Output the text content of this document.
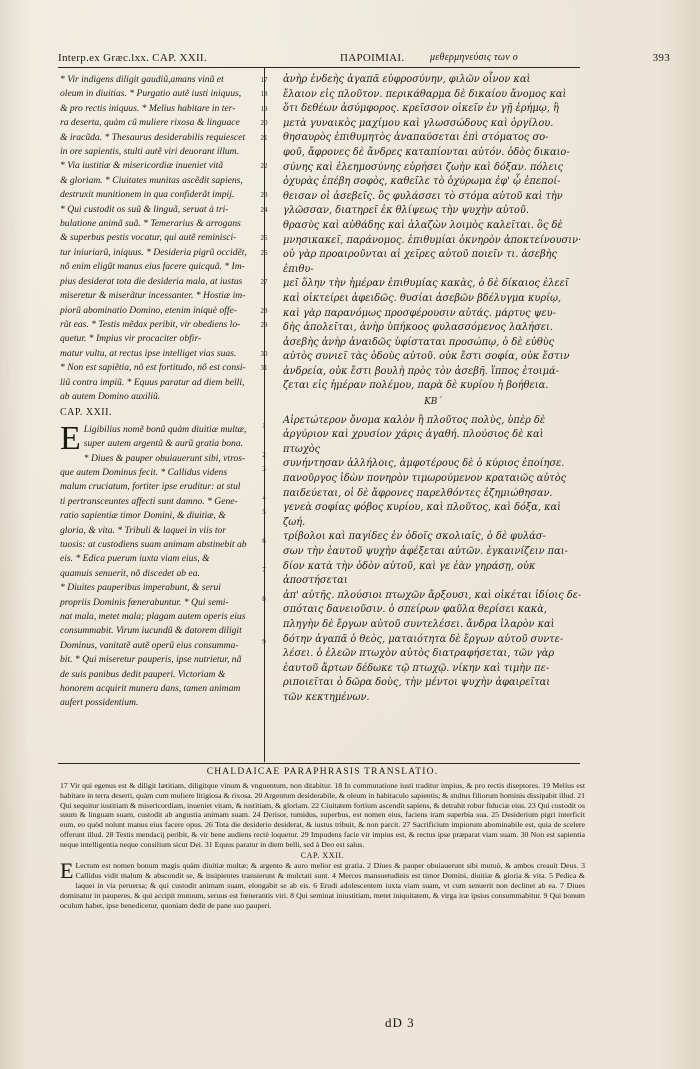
Interp.ex Græc.lxx. CAP. XXII.	ΠΑΡΟΙΜΙΑΙ.	μεθερμηνεύσις των ο	393

* Vir indigens diligit gaudiũ,amans vinũ et

oleum in diuitias. * Purgatio autẽ iusti iniquus,

& pro rectis iniquus. * Melius habitare in ter-

ra deserta, quàm cũ muliere rixosa & linguace

& iracũda. * Thesaurus desiderabilis requiescet

in ore sapientis, stulti autẽ viri deuorant illum.

* Via iustitiæ & misericordiæ inueniet vitã

& gloriam. * Ciuitates munitas ascẽdit sapiens,

destruxit munitionem in qua confiderãt impij.

* Qui custodit os suũ & linguã, seruat à tri-

bulatione animã suã. * Temerarius & arrogans

& superbus pestis vocatur, qui autẽ reminisci-

tur iniuriarũ, iniquus. * Desideria pigrũ occidẽt,

nõ enim eligũt manus eius facere quicquã. * Im-

pius desiderat tota die desideria mala, at iustus

miseretur & miserãtur incessanter. * Hostiæ im-

piorũ abominatio Domino, etenim iniquè offe-

rũt eas. * Testis mẽdax peribit, vir obediens lo-

quetur. * Impius vir procaciter obfir-

matur vultu, at rectus ipse intelliget vias suas.

* Non est sapiẽtia, nõ est fortitudo, nõ est consi-

liũ contra impiũ. * Equus paratur ad diem belli,

ab autem Domino auxiliũ.

CAP. XXII.

E Ligibilius nomẽ bonũ quàm diuitiæ multæ,

super autem argentũ & aurũ gratia bona.

* Diues & pauper obuiauerunt sibi, vtros-

que autem Dominus fecit. * Callidus videns

malum cruciatum, fortiter ipse eruditur: at stul

ti pertransceuntes affecti sunt damno. * Gene-

ratio sapientiæ timor Domini, & diuitiæ, &

gloria, & vita. * Tribuli & laquei in viis tor

tuosis: at custodiens suam animam abstinebit ab

eis. * Edica puerum iuxta viam eius, &

quamuis senuerit, nõ discedet ab ea.

* Diuites pauperibus imperabunt, & serui

propriis Dominis fœnerabuntur. * Qui semi-

nat mala, metet mala; plagam autem operis eius

consummabit. Virum iucundũ & datorem diligit

Dominus, vanitatẽ autẽ operũ eius consumma-

bit. * Qui miseretur pauperis, ipse nutrietur, nã

de suis panibus dedit pauperi. Victoriam &

honorem acquirit munera dans, tamen animam

aufert possidentium.

17
18
19
20
21

22

23
24

25
26

27

28
29

30
31

1

2
3

4
5

6

7

8

9

ἀνὴρ ἐνδεὴς ἀγαπᾶ εὐφροσύνην, φιλῶν οἶνον καὶ

ἔλαιον εἰς πλοῦτον. περικάθαρμα δὲ δικαίου ἄνομος καὶ

ὅτι δεθέων ἀσύμφορος. κρεῖσσον οἰκεῖν ἐν γῇ ἐρήμῳ, ἢ

μετὰ γυναικὸς μαχίμου καὶ γλωσσώδους καὶ ὀργίλου.

θησαυρὸς ἐπιθυμητὸς ἀναπαύσεται ἐπὶ στόματος σο-

φοῦ, ἄφρονες δὲ ἄνδρες καταπίονται αὐτόν. ὁδὸς δικαιο-

σύνης καὶ ἐλεημοσύνης εὑρήσει ζωὴν καὶ δόξαν. πόλεις

ὀχυρὰς ἐπέβη σοφὸς, καθεῖλε τὸ ὀχύρωμα ἐφ' ᾧ ἐπεποί-

θεισαν οἱ ἀσεβεῖς. ὃς φυλάσσει τὸ στόμα αὐτοῦ καὶ τὴν

γλῶσσαν, διατηρεῖ ἐκ θλίψεως τὴν ψυχὴν αὐτοῦ.

θρασὺς καὶ αὐθάδης καὶ ἀλαζὼν λοιμὸς καλεῖται. ὃς δὲ

μνησικακεῖ, παράνομος. ἐπιθυμίαι ὀκνηρὸν ἀποκτείνουσιν·

οὐ γὰρ προαιροῦνται αἱ χεῖρες αὐτοῦ ποιεῖν τι. ἀσεβὴς ἐπιθυ-

μεῖ ὅλην τὴν ἡμέραν ἐπιθυμίας κακὰς, ὁ δὲ δίκαιος ἐλεεῖ

καὶ οἰκτείρει ἀφειδῶς. θυσίαι ἀσεβῶν βδέλυγμα κυρίῳ,

καὶ γὰρ παρανόμως προσφέρουσιν αὐτάς. μάρτυς ψευ-

δὴς ἀπολεῖται, ἀνὴρ ὑπήκοος φυλασσόμενος λαλήσει.

ἀσεβὴς ἀνὴρ ἀναιδῶς ὑφίσταται προσώπῳ, ὁ δὲ εὐθὺς

αὐτὸς συνιεῖ τὰς ὁδοὺς αὐτοῦ. οὐκ ἔστι σοφία, οὐκ ἔστιν

ἀνδρεία, οὐκ ἔστι βουλὴ πρὸς τὸν ἀσεβῆ. ἵππος ἑτοιμά-

ζεται εἰς ἡμέραν πολέμου, παρὰ δὲ κυρίου ἡ βοήθεια.

ΚΒ΄

Αἱρετώτερον ὄνομα καλὸν ἢ πλοῦτος πολὺς, ὑπὲρ δὲ

ἀργύριον καὶ χρυσίον χάρις ἀγαθή. πλούσιος δὲ καὶ πτωχὸς

συνήντησαν ἀλλήλοις, ἀμφοτέρους δὲ ὁ κύριος ἐποίησε.

πανοῦργος ἰδὼν πονηρὸν τιμωρούμενον κραταιῶς αὐτὸς

παιδεύεται, οἱ δὲ ἄφρονες παρελθόντες ἐζημιώθησαν.

γενεὰ σοφίας φόβος κυρίου, καὶ πλοῦτος, καὶ δόξα, καὶ ζωή.

τρίβολοι καὶ παγίδες ἐν ὁδοῖς σκολιαῖς, ὁ δὲ φυλάσ-

σων τὴν ἑαυτοῦ ψυχὴν ἀφέξεται αὐτῶν. ἐγκαινίζειν παι-

δίον κατὰ τὴν ὁδὸν αὐτοῦ, καὶ γε ἐὰν γηράσῃ, οὐκ ἀποστήσεται

ἀπ' αὐτῆς. πλούσιοι πτωχῶν ἄρξουσι, καὶ οἰκέται ἰδίοις δε-

σπόταις δανειοῦσιν. ὁ σπείρων φαῦλα θερίσει κακὰ,

πληγὴν δὲ ἔργων αὐτοῦ συντελέσει. ἄνδρα ἱλαρὸν καὶ

δότην ἀγαπᾶ ὁ θεὸς, ματαιότητα δὲ ἔργων αὐτοῦ συντε-

λέσει. ὁ ἐλεῶν πτωχὸν αὐτὸς διατραφήσεται, τῶν γὰρ

ἑαυτοῦ ἄρτων δέδωκε τῷ πτωχῷ. νίκην καὶ τιμὴν πε-

ριποιεῖται ὁ δῶρα δοὺς, τὴν μέντοι ψυχὴν ἀφαιρεῖται

τῶν κεκτημένων.

CHALDAICAE PARAPHRASIS TRANSLATIO.

17 Vir qui egenus est & diligit lætitiam, diligitque vinum & vnguentum, non ditabitur. 18 In commutatione iusti traditur impius, & pro rectis diseptores. 19 Melius est habitare in terra deserti, quàm cum muliere litigiosa & rixosa. 20 Argentum desiderabile, & oleum in habitaculo sapientis; & stultus filiorum hominis dissipabit illud. 21 Qui sequitur iustitiam & misericordiam, inueniet vitam, & iustitiam, & gloriam. 22 Ciuitatem fortium ascendit sapiens, & detrahit robur fiduciæ eius. 23 Qui custodit os suum & linguam suam, custodit ab angustia animam suam. 24 Derisor, tumidus, superbus, est nomen eius, faciens iram superbia sua. 25 Desiderium pigri interficit eum, eo quòd nolunt manus eius facere opus. 26 Tota die desiderio desiderat, & iustus tribuit, & non parcit. 27 Sacrificium impiorum abominabile est, quia de scelere offerunt illud. 28 Testis mendacij peribit, & vir bene audiens rectè loquetur. 29 Impudens facie vir impius est, & rectus ipse præparat viam suam. 30 Non est sapientia neque intelligentia neque consilium sicut Dei. 31 Equus paratur in diem belli, sed à Deo est salus.

CAP. XXII.

E Lectum est nomen bonum magis quàm diuitiæ multæ; & argento & auro melior est gratia. 2 Diues & pauper obuiauerunt sibi mutuò, & ambos creauit Deus. 3 Callidus vidit malum & abscondit se, & insipientes transierunt & mulctati sunt. 4 Merces mansuetudinis est timor Domini, diuitiæ & gloria & vita. 5 Pedica & laquei in via peruersa; & qui custodit animam suam, elongabit se ab eis. 6 Erudi adolescentem iuxta viam suam, vt cum senuerit non declinet ab ea. 7 Diues dominatur in pauperes, & qui accipit mutuum, seruus est fœnerantis viri. 8 Qui seminat iniustitiam, metet iniquitatem, & virga iræ ipsius consummabitur. 9 Qui bonum oculum habet, ipse benedicetur, quoniam dedit de pane suo pauperi.

dD 3
